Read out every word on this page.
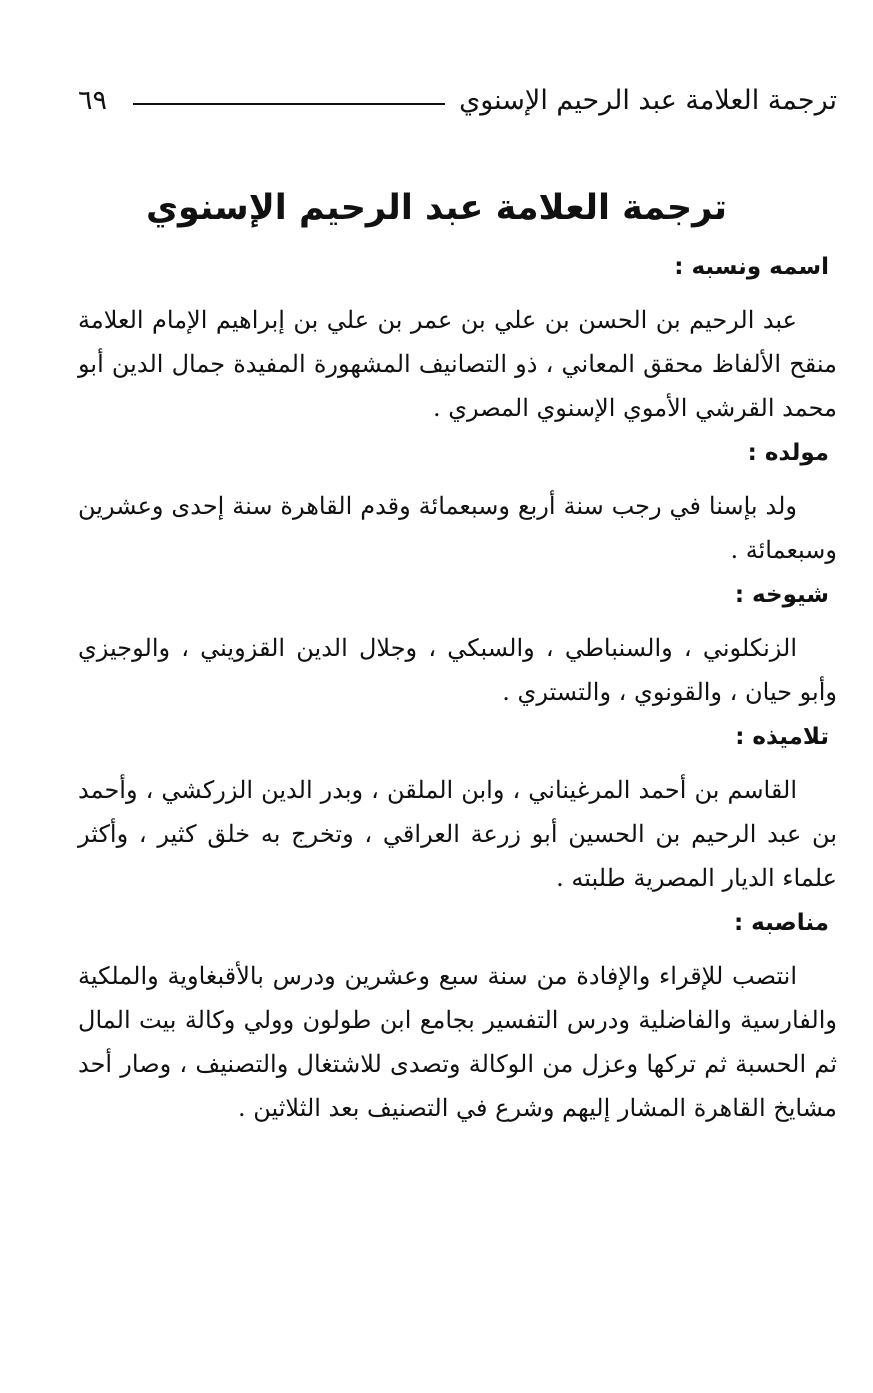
ترجمة العلامة عبد الرحيم الإسنوي
٦٩
ترجمة العلامة عبد الرحيم الإسنوي

اسمه ونسبه :

عبد الرحيم بن الحسن بن علي بن عمر بن علي بن إبراهيم الإمام العلامة منقح الألفاظ محقق المعاني ، ذو التصانيف المشهورة المفيدة جمال الدين أبو محمد القرشي الأموي الإسنوي المصري .

مولده :

ولد بإسنا في رجب سنة أربع وسبعمائة وقدم القاهرة سنة إحدى وعشرين وسبعمائة .

شيوخه :

الزنكلوني ، والسنباطي ، والسبكي ، وجلال الدين القزويني ، والوجيزي وأبو حيان ، والقونوي ، والتستري .

تلاميذه :

القاسم بن أحمد المرغيناني ، وابن الملقن ، وبدر الدين الزركشي ، وأحمد بن عبد الرحيم بن الحسين أبو زرعة العراقي ، وتخرج به خلق كثير ، وأكثر علماء الديار المصرية طلبته .

مناصبه :

انتصب للإقراء والإفادة من سنة سبع وعشرين ودرس بالأقبغاوية والملكية والفارسية والفاضلية ودرس التفسير بجامع ابن طولون وولي وكالة بيت المال ثم الحسبة ثم تركها وعزل من الوكالة وتصدى للاشتغال والتصنيف ، وصار أحد مشايخ القاهرة المشار إليهم وشرع في التصنيف بعد الثلاثين .
